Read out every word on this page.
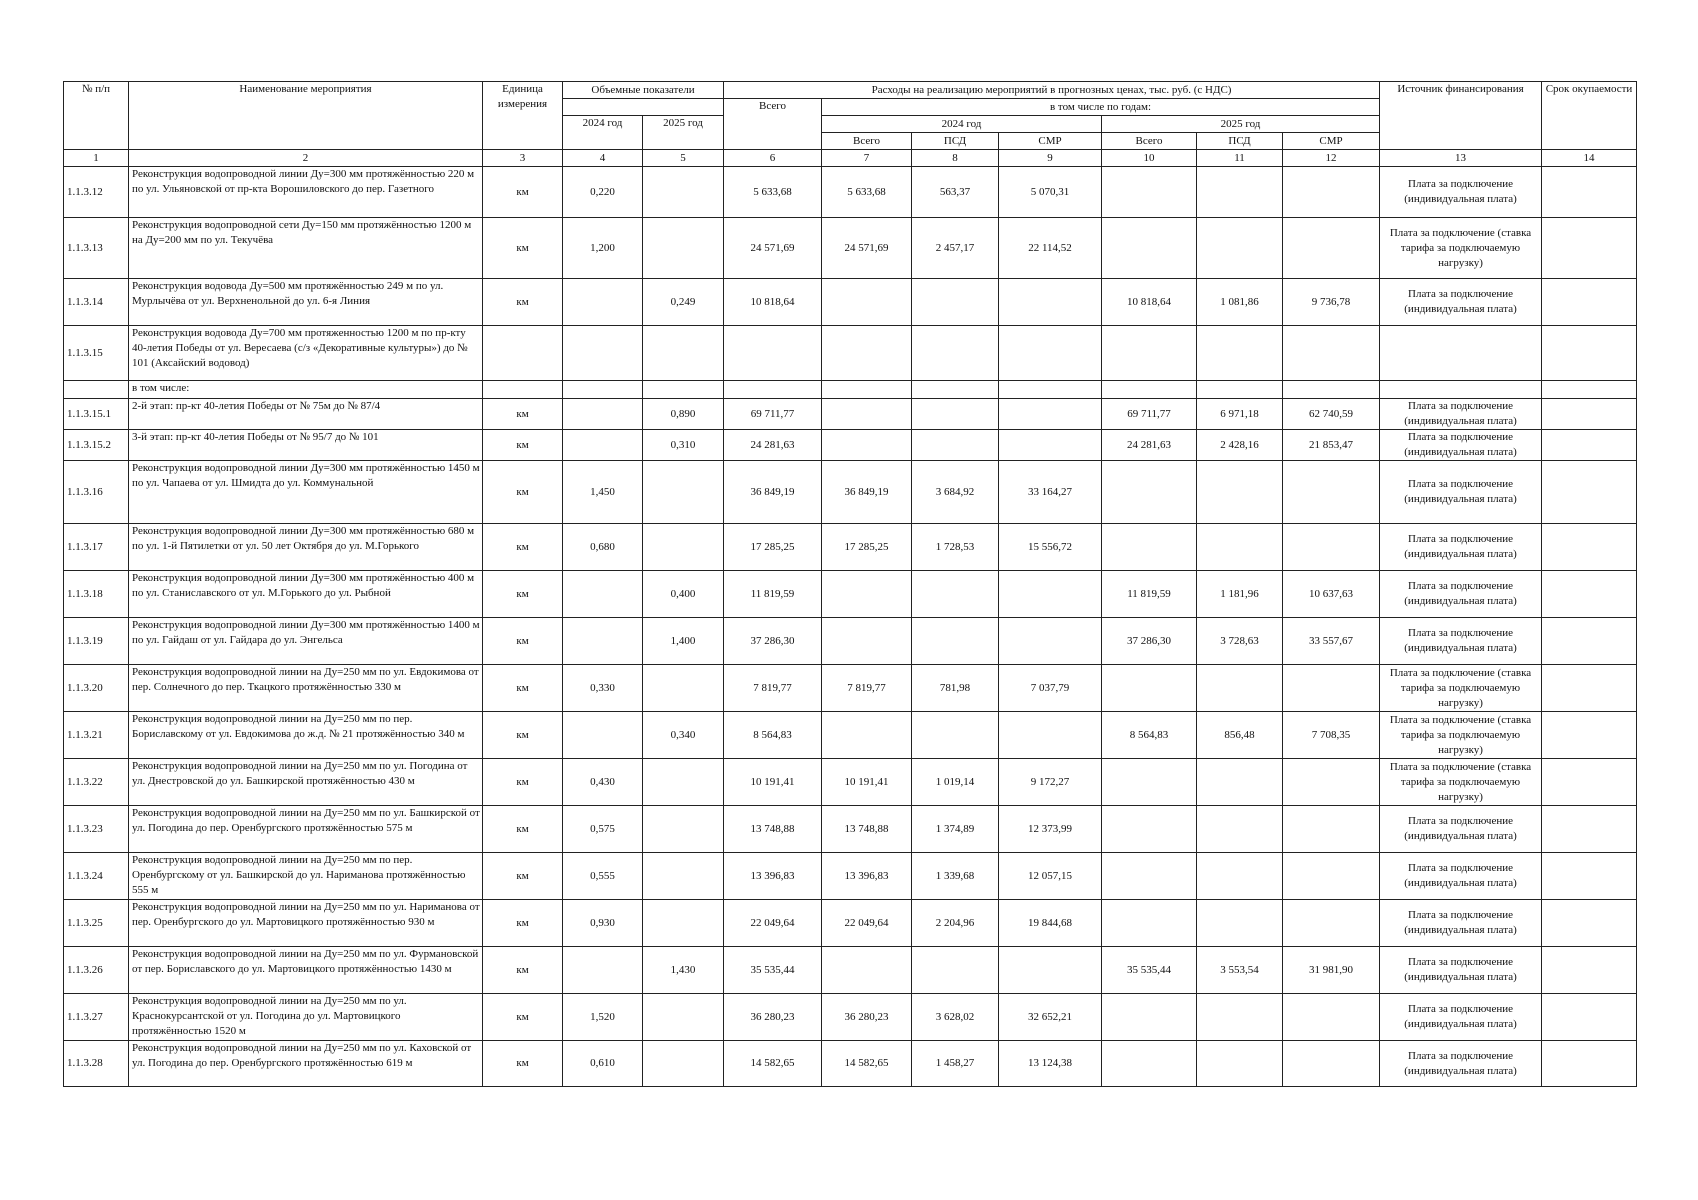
№ п/п	Наименование мероприятия	Единица измерения	Объемные показатели		Расходы на реализацию мероприятий в прогнозных ценах, тыс. руб. (с НДС)							Источник финансирования	Срок окупаемости
					Всего	в том числе по годам:							
			2024 год	2025 год		2024 год			2025 год				
						Всего	ПСД	СМР	Всего	ПСД	СМР		
1	2	3	4	5	6	7	8	9	10	11	12	13	14
1.1.3.12	Реконструкция водопроводной линии Ду=300 мм протяжённостью 220 м по ул. Ульяновской от пр-кта Ворошиловского до пер. Газетного	км	0,220		5 633,68	5 633,68	563,37	5 070,31				Плата за подключение (индивидуальная плата)	
1.1.3.13	Реконструкция водопроводной сети Ду=150 мм протяжённостью 1200 м на Ду=200 мм по ул. Текучёва	км	1,200		24 571,69	24 571,69	2 457,17	22 114,52				Плата за подключение (ставка тарифа за подключаемую нагрузку)	
1.1.3.14	Реконструкция водовода Ду=500 мм протяжённостью 249 м по ул. Мурлычёва от ул. Верхненольной до ул. 6-я Линия	км		0,249	10 818,64				10 818,64	1 081,86	9 736,78	Плата за подключение (индивидуальная плата)	
1.1.3.15	Реконструкция водовода Ду=700 мм протяженностью 1200 м по пр-кту 40-летия Победы от ул. Вересаева (с/з «Декоративные культуры») до № 101 (Аксайский водовод)												
	в том числе:												
1.1.3.15.1	2-й этап: пр-кт 40-летия Победы от № 75м до № 87/4	км		0,890	69 711,77				69 711,77	6 971,18	62 740,59	Плата за подключение (индивидуальная плата)	
1.1.3.15.2	3-й этап: пр-кт 40-летия Победы от № 95/7 до № 101	км		0,310	24 281,63				24 281,63	2 428,16	21 853,47	Плата за подключение (индивидуальная плата)	
1.1.3.16	Реконструкция водопроводной линии Ду=300 мм протяжённостью 1450 м по ул. Чапаева от ул. Шмидта до ул. Коммунальной	км	1,450		36 849,19	36 849,19	3 684,92	33 164,27				Плата за подключение (индивидуальная плата)	
1.1.3.17	Реконструкция водопроводной линии Ду=300 мм протяжённостью 680 м по ул. 1-й Пятилетки от ул. 50 лет Октября до ул. М.Горького	км	0,680		17 285,25	17 285,25	1 728,53	15 556,72				Плата за подключение (индивидуальная плата)	
1.1.3.18	Реконструкция водопроводной линии Ду=300 мм протяжённостью 400 м по ул. Станиславского от ул. М.Горького до ул. Рыбной	км		0,400	11 819,59				11 819,59	1 181,96	10 637,63	Плата за подключение (индивидуальная плата)	
1.1.3.19	Реконструкция водопроводной линии Ду=300 мм протяжённостью 1400 м по ул. Гайдаш от ул. Гайдара до ул. Энгельса	км		1,400	37 286,30				37 286,30	3 728,63	33 557,67	Плата за подключение (индивидуальная плата)	
1.1.3.20	Реконструкция водопроводной линии на Ду=250 мм по ул. Евдокимова от пер. Солнечного до пер. Ткацкого протяжённостью 330 м	км	0,330		7 819,77	7 819,77	781,98	7 037,79				Плата за подключение (ставка тарифа за подключаемую нагрузку)	
1.1.3.21	Реконструкция водопроводной линии на Ду=250 мм по пер. Бориславскому от ул. Евдокимова до ж.д. № 21 протяжённостью 340 м	км		0,340	8 564,83				8 564,83	856,48	7 708,35	Плата за подключение (ставка тарифа за подключаемую нагрузку)	
1.1.3.22	Реконструкция водопроводной линии на Ду=250 мм по ул. Погодина от ул. Днестровской до ул. Башкирской протяжённостью 430 м	км	0,430		10 191,41	10 191,41	1 019,14	9 172,27				Плата за подключение (ставка тарифа за подключаемую нагрузку)	
1.1.3.23	Реконструкция водопроводной линии на Ду=250 мм по ул. Башкирской от ул. Погодина до пер. Оренбургского протяжённостью 575 м	км	0,575		13 748,88	13 748,88	1 374,89	12 373,99				Плата за подключение (индивидуальная плата)	
1.1.3.24	Реконструкция водопроводной линии на Ду=250 мм по пер. Оренбургскому от ул. Башкирской до ул. Нариманова протяжённостью 555 м	км	0,555		13 396,83	13 396,83	1 339,68	12 057,15				Плата за подключение (индивидуальная плата)	
1.1.3.25	Реконструкция водопроводной линии на Ду=250 мм по ул. Нариманова от пер. Оренбургского до ул. Мартовицкого протяжённостью 930 м	км	0,930		22 049,64	22 049,64	2 204,96	19 844,68				Плата за подключение (индивидуальная плата)	
1.1.3.26	Реконструкция водопроводной линии на Ду=250 мм по ул. Фурмановской от пер. Бориславского до ул. Мартовицкого протяжённостью 1430 м	км		1,430	35 535,44				35 535,44	3 553,54	31 981,90	Плата за подключение (индивидуальная плата)	
1.1.3.27	Реконструкция водопроводной линии на Ду=250 мм по ул. Краснокурсантской от ул. Погодина до ул. Мартовицкого протяжённостью 1520 м	км	1,520		36 280,23	36 280,23	3 628,02	32 652,21				Плата за подключение (индивидуальная плата)	
1.1.3.28	Реконструкция водопроводной линии на Ду=250 мм по ул. Каховской от ул. Погодина до пер. Оренбургского протяжённостью 619 м	км	0,610		14 582,65	14 582,65	1 458,27	13 124,38				Плата за подключение (индивидуальная плата)	
